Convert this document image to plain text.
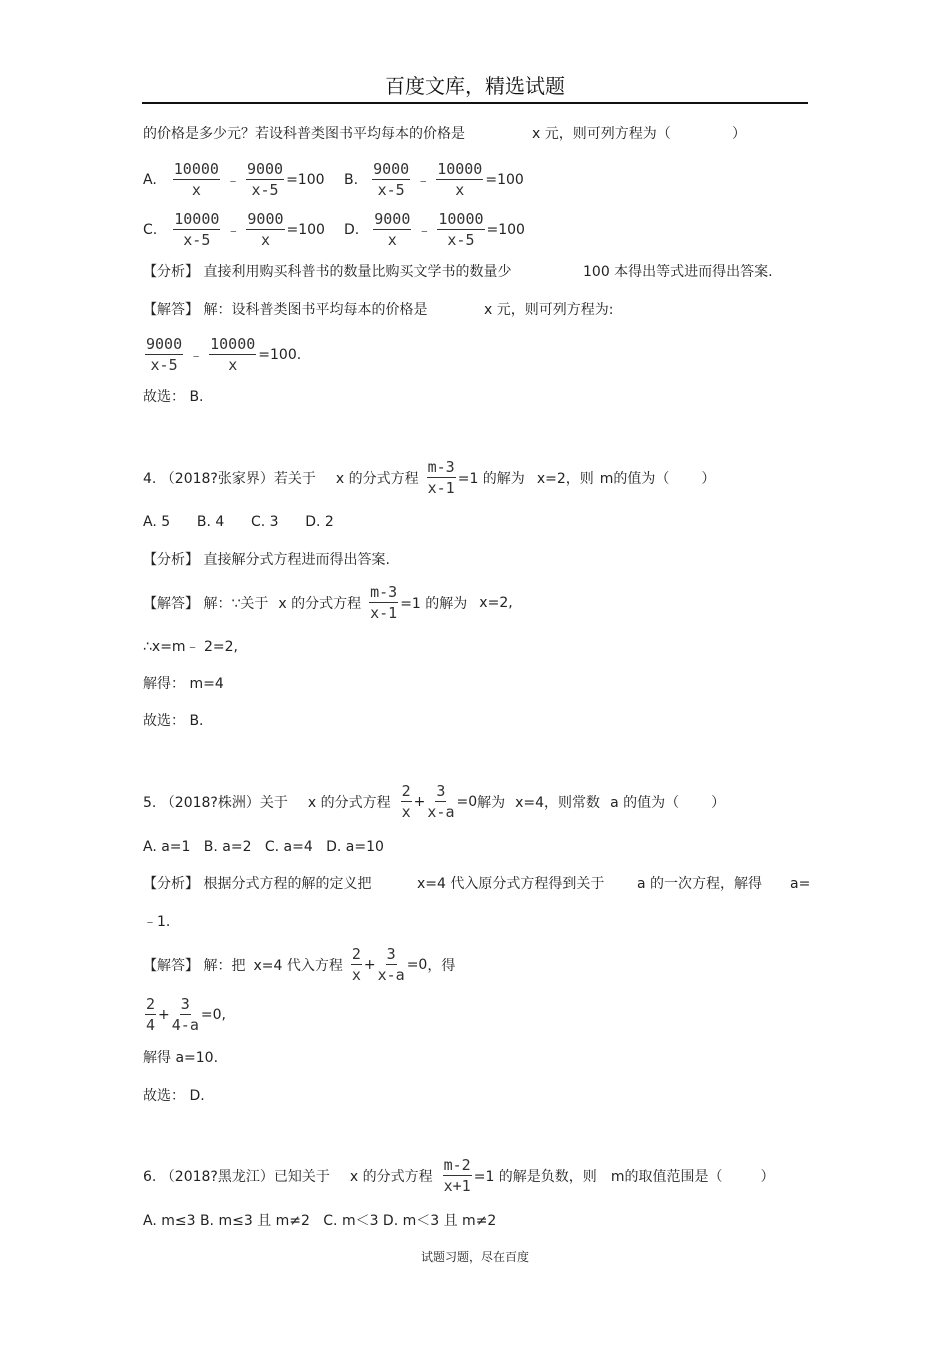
百度文库，精选试题
的价格是多少元？若设科普类图书平均每本的价格是	x 元，则可列方程为（	）
A. $\frac{10000}{x}$ ﹣ $\frac{9000}{x-5} =100$ B. $\frac{9000}{x-5}$ ﹣ $\frac{10000}{x} =100$
C. $\frac{10000}{x-5}$ ﹣ $\frac{9000}{x} =100$ D. $\frac{9000}{x}$ ﹣ $\frac{10000}{x-5} =100$
【分析】 直接利用购买科普书的数量比购买文学书的数量少	100 本得出等式进而得出答案.
【解答】 解：设科普类图书平均每本的价格是	x 元，则可列方程为:
$\frac{9000}{x-5}$ ﹣ $\frac{10000}{x} =100$.
故选： B.
4. （2018?张家界）若关于 x 的分式方程 $\frac{m-3}{x-1} =1$ 的解为 x=2，则 m的值为（ ）
A. 5      B. 4      C. 3      D. 2
【分析】 直接解分式方程进而得出答案.
【解答】 解：∵关于 x 的分式方程 $\frac{m-3}{x-1} =1$ 的解为 x=2,
∴x=m﹣ 2=2,
解得： m=4
故选： B.
5. （2018?株洲）关于 x 的分式方程 $\frac{2}{x} + \frac{3}{x-a} =0$ 解为 x=4，则常数 a 的值为（ ）
A. a=1   B. a=2   C. a=4   D. a=10
【分析】 根据分式方程的解的定义把	x=4 代入原分式方程得到关于 a 的一次方程，解得 a=
﹣1.
【解答】 解：把 x=4 代入方程 $\frac{2}{x} + \frac{3}{x-a} =0$ ，得
$\frac{2}{4} + \frac{3}{4-a} =0$,
解得 a=10.
故选： D.
6. （2018?黑龙江）已知关于 x 的分式方程 $\frac{m-2}{x+1} =1$ 的解是负数，则 m的取值范围是（	）
A. m≤3 B. m≤3 且 m≠2   C. m＜3 D. m＜3 且 m≠2
试题习题，尽在百度
